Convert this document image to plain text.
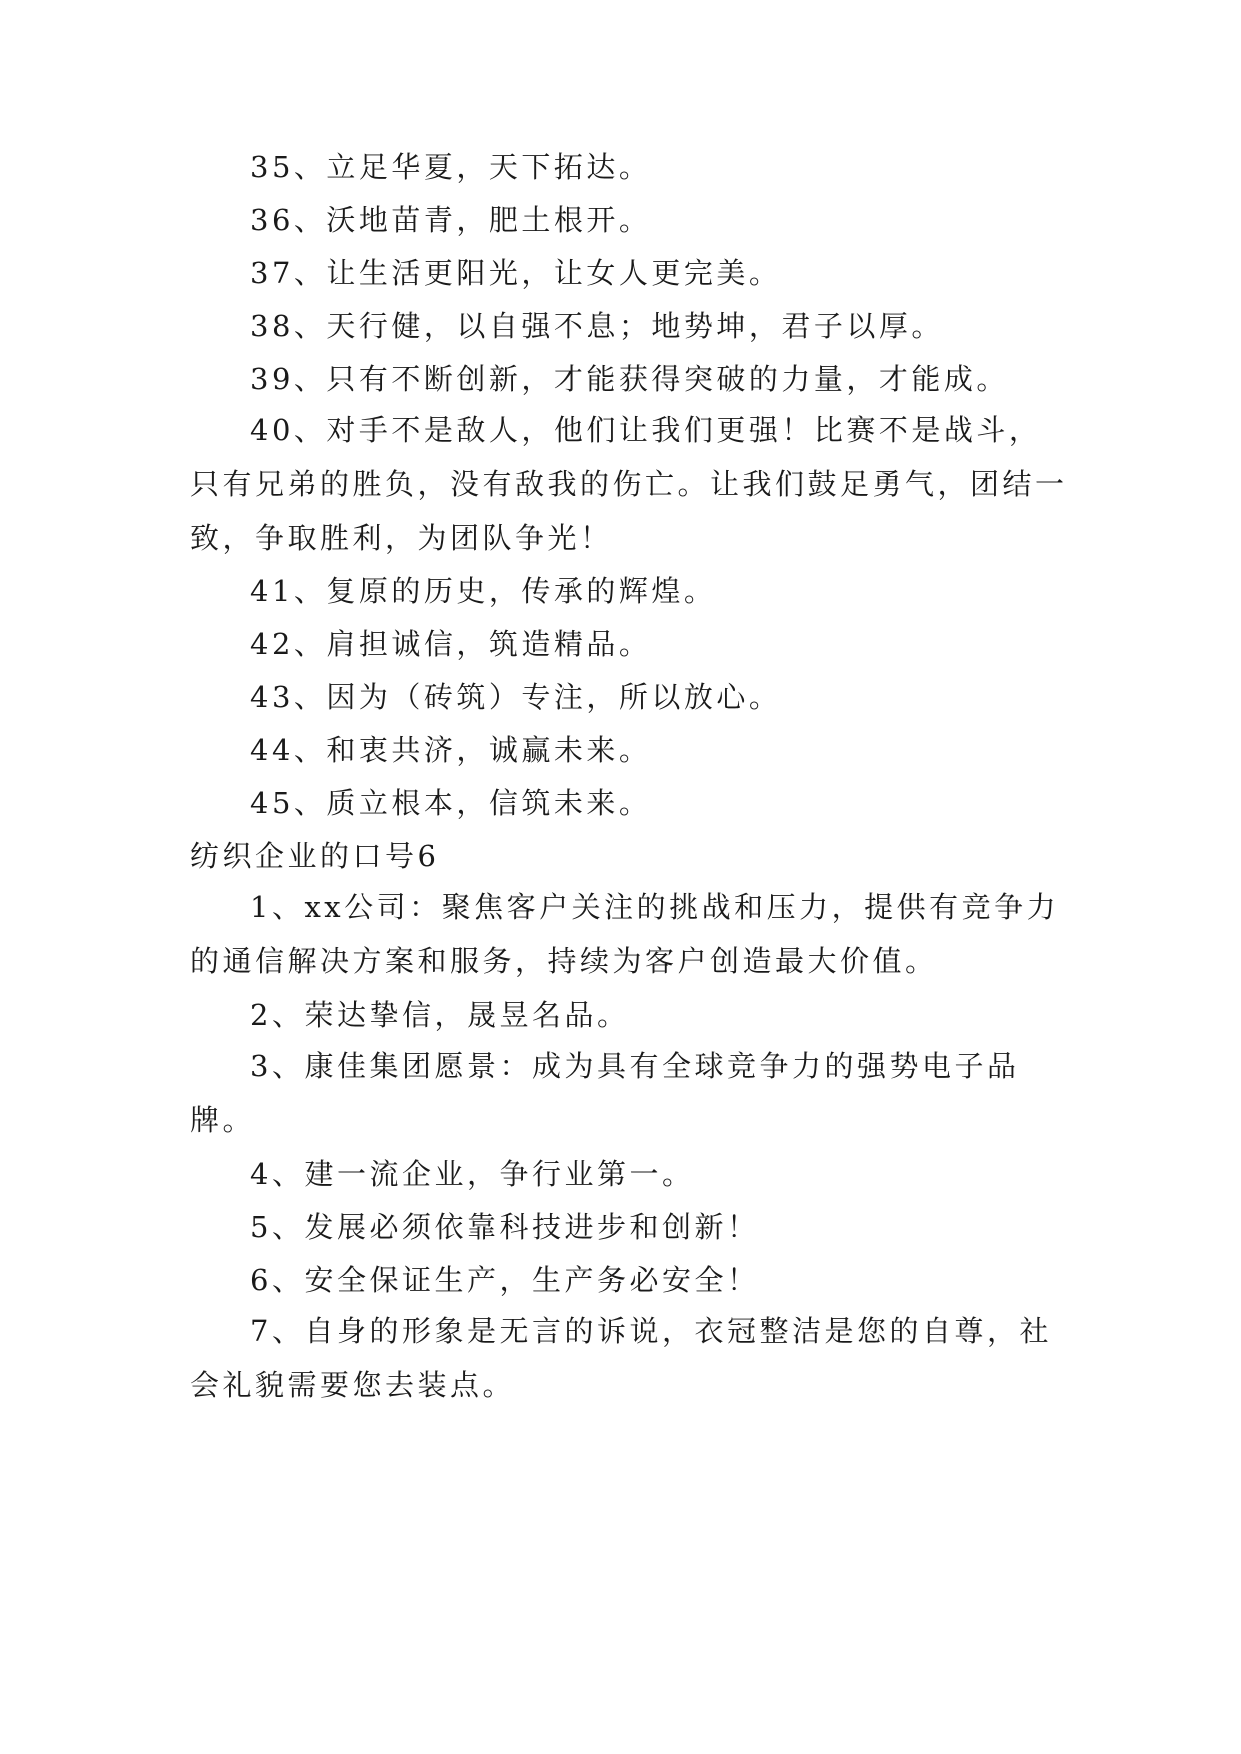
35、立足华夏，天下拓达。

36、沃地苗青，肥土根开。

37、让生活更阳光，让女人更完美。

38、天行健，以自强不息；地势坤，君子以厚。

39、只有不断创新，才能获得突破的力量，才能成。

40、对手不是敌人，他们让我们更强！比赛不是战斗，只有兄弟的胜负，没有敌我的伤亡。让我们鼓足勇气，团结一致，争取胜利，为团队争光！

41、复原的历史，传承的辉煌。

42、肩担诚信，筑造精品。

43、因为（砖筑）专注，所以放心。

44、和衷共济，诚赢未来。

45、质立根本，信筑未来。

纺织企业的口号6

1、xx公司：聚焦客户关注的挑战和压力，提供有竞争力的通信解决方案和服务，持续为客户创造最大价值。

2、荣达挚信，晟昱名品。

3、康佳集团愿景：成为具有全球竞争力的强势电子品牌。

4、建一流企业，争行业第一。

5、发展必须依靠科技进步和创新！

6、安全保证生产，生产务必安全！

7、自身的形象是无言的诉说，衣冠整洁是您的自尊，社会礼貌需要您去装点。
